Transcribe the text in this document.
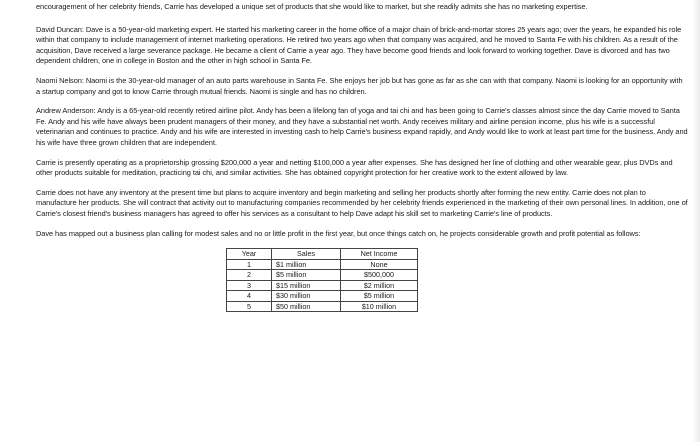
encouragement of her celebrity friends, Carrie has developed a unique set of products that she would like to market, but she readily admits she has no marketing expertise.

David Duncan: Dave is a 50-year-old marketing expert. He started his marketing career in the home office of a major chain of brick-and-mortar stores 25 years ago; over the years, he expanded his role within that company to include management of internet marketing operations. He retired two years ago when that company was acquired, and he moved to Santa Fe with his children. As a result of the acquisition, Dave received a large severance package. He became a client of Carrie a year ago. They have become good friends and look forward to working together. Dave is divorced and has two dependent children, one in college in Boston and the other in high school in Santa Fe.

Naomi Nelson: Naomi is the 30-year-old manager of an auto parts warehouse in Santa Fe. She enjoys her job but has gone as far as she can with that company. Naomi is looking for an opportunity with a startup company and got to know Carrie through mutual friends. Naomi is single and has no children.

Andrew Anderson: Andy is a 65-year-old recently retired airline pilot. Andy has been a lifelong fan of yoga and tai chi and has been going to Carrie's classes almost since the day Carrie moved to Santa Fe. Andy and his wife have always been prudent managers of their money, and they have a substantial net worth. Andy receives military and airline pension income, plus his wife is a successful veterinarian and continues to practice. Andy and his wife are interested in investing cash to help Carrie's business expand rapidly, and Andy would like to work at least part time for the business. Andy and his wife have three grown children that are independent.

Carrie is presently operating as a proprietorship grossing $200,000 a year and netting $100,000 a year after expenses. She has designed her line of clothing and other wearable gear, plus DVDs and other products suitable for meditation, practicing tai chi, and similar activities. She has obtained copyright protection for her creative work to the extent allowed by law.

Carrie does not have any inventory at the present time but plans to acquire inventory and begin marketing and selling her products shortly after forming the new entity. Carrie does not plan to manufacture her products. She will contract that activity out to manufacturing companies recommended by her celebrity friends experienced in the marketing of their own personal lines. In addition, one of Carrie's closest friend's business managers has agreed to offer his services as a consultant to help Dave adapt his skill set to marketing Carrie's line of products.

Dave has mapped out a business plan calling for modest sales and no or little profit in the first year, but once things catch on, he projects considerable growth and profit potential as follows:

Year	Sales	Net Income
1	$1 million	None
2	$5 million	$500,000
3	$15 million	$2 million
4	$30 million	$5 million
5	$50 million	$10 million
